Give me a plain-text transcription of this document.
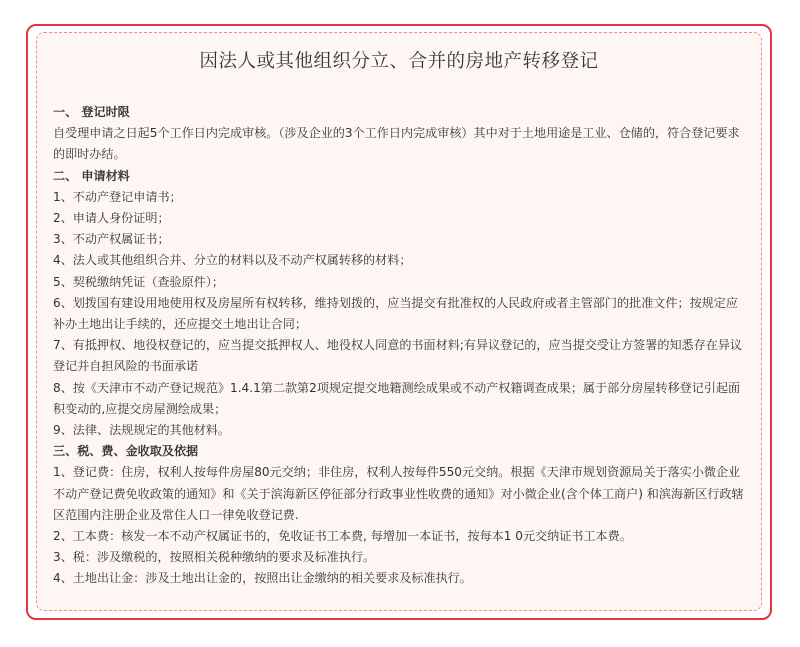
因法人或其他组织分立、合并的房地产转移登记

一、 登记时限

自受理申请之日起5个工作日内完成审核。（涉及企业的3个工作日内完成审核）其中对于土地用途是工业、仓储的，符合登记要求的即时办结。

二、 申请材料

1、不动产登记申请书；

2、申请人身份证明；

3、不动产权属证书；

4、法人或其他组织合并、分立的材料以及不动产权属转移的材料；

5、契税缴纳凭证（查验原件）；

6、划拨国有建设用地使用权及房屋所有权转移，维持划拨的，应当提交有批准权的人民政府或者主管部门的批准文件；按规定应补办土地出让手续的，还应提交土地出让合同；

7、有抵押权、地役权登记的，应当提交抵押权人、地役权人同意的书面材料;有异议登记的，应当提交受让方签署的知悉存在异议登记并自担风险的书面承诺

8、按《天津市不动产登记规范》1.4.1第二款第2项规定提交地籍测绘成果或不动产权籍调查成果；属于部分房屋转移登记引起面积变动的,应提交房屋测绘成果；

9、法律、法规规定的其他材料。

三、税、费、金收取及依据

1、登记费：住房，权利人按每件房屋80元交纳；非住房，权利人按每件550元交纳。根据《天津市规划资源局关于落实小微企业不动产登记费免收政策的通知》和《关于滨海新区停征部分行政事业性收费的通知》对小微企业(含个体工商户) 和滨海新区行政辖区范围内注册企业及常住人口一律免收登记费.

2、工本费：核发一本不动产权属证书的，免收证书工本费, 每增加一本证书，按每本1 0元交纳证书工本费。

3、税：涉及缴税的，按照相关税种缴纳的要求及标准执行。

4、土地出让金：涉及土地出让金的，按照出让金缴纳的相关要求及标准执行。
